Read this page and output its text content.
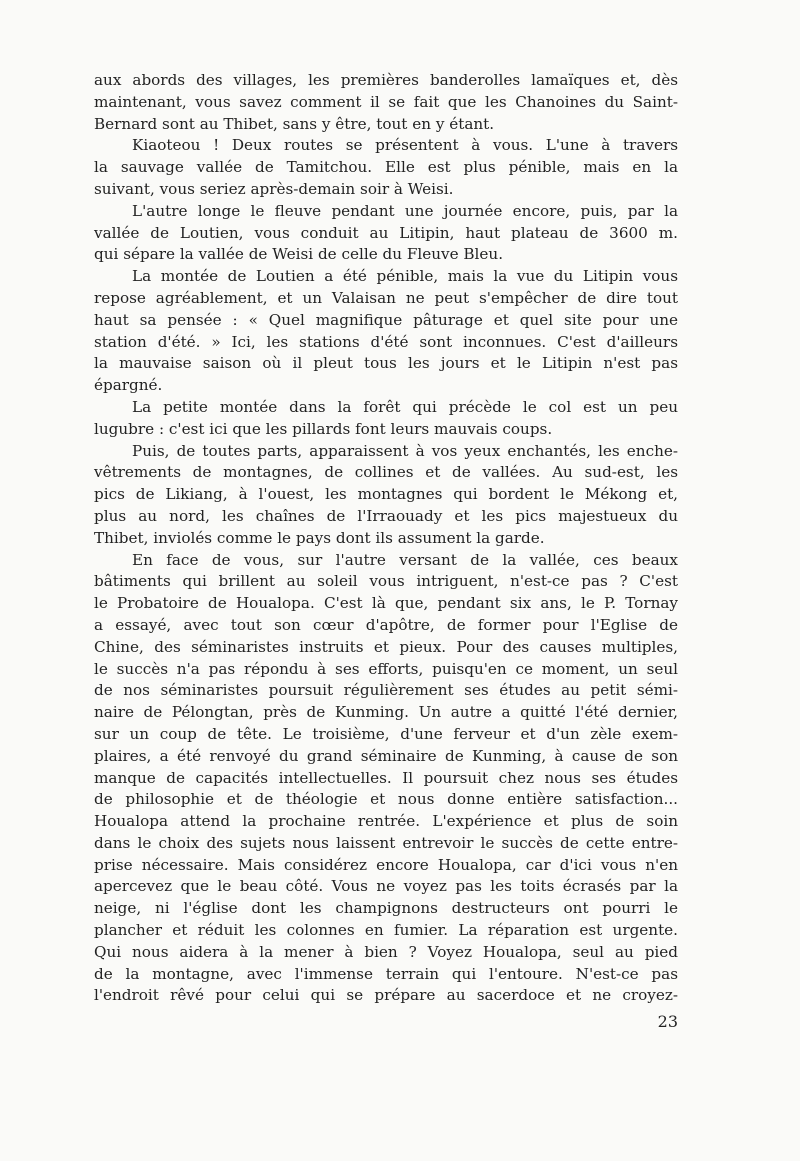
aux abords des villages, les premières banderolles lamaïques et, dès
maintenant, vous savez comment il se fait que les Chanoines du Saint-
Bernard sont au Thibet, sans y être, tout en y étant.

Kiaoteou ! Deux routes se présentent à vous. L'une à travers
la sauvage vallée de Tamitchou. Elle est plus pénible, mais en la
suivant, vous seriez après-demain soir à Weisi.

L'autre longe le fleuve pendant une journée encore, puis, par la
vallée de Loutien, vous conduit au Litipin, haut plateau de 3600 m.
qui sépare la vallée de Weisi de celle du Fleuve Bleu.

La montée de Loutien a été pénible, mais la vue du Litipin vous
repose agréablement, et un Valaisan ne peut s'empêcher de dire tout
haut sa pensée : « Quel magnifique pâturage et quel site pour une
station d'été. » Ici, les stations d'été sont inconnues. C'est d'ailleurs
la mauvaise saison où il pleut tous les jours et le Litipin n'est pas
épargné.

La petite montée dans la forêt qui précède le col est un peu
lugubre : c'est ici que les pillards font leurs mauvais coups.

Puis, de toutes parts, apparaissent à vos yeux enchantés, les enche-
vêtrements de montagnes, de collines et de vallées. Au sud-est, les
pics de Likiang, à l'ouest, les montagnes qui bordent le Mékong et,
plus au nord, les chaînes de l'Irraouady et les pics majestueux du
Thibet, inviolés comme le pays dont ils assument la garde.

En face de vous, sur l'autre versant de la vallée, ces beaux
bâtiments qui brillent au soleil vous intriguent, n'est-ce pas ? C'est
le Probatoire de Houalopa. C'est là que, pendant six ans, le P. Tornay
a essayé, avec tout son cœur d'apôtre, de former pour l'Eglise de
Chine, des séminaristes instruits et pieux. Pour des causes multiples,
le succès n'a pas répondu à ses efforts, puisqu'en ce moment, un seul
de nos séminaristes poursuit régulièrement ses études au petit sémi-
naire de Pélongtan, près de Kunming. Un autre a quitté l'été dernier,
sur un coup de tête. Le troisième, d'une ferveur et d'un zèle exem-
plaires, a été renvoyé du grand séminaire de Kunming, à cause de son
manque de capacités intellectuelles. Il poursuit chez nous ses études
de philosophie et de théologie et nous donne entière satisfaction...
Houalopa attend la prochaine rentrée. L'expérience et plus de soin
dans le choix des sujets nous laissent entrevoir le succès de cette entre-
prise nécessaire. Mais considérez encore Houalopa, car d'ici vous n'en
apercevez que le beau côté. Vous ne voyez pas les toits écrasés par la
neige, ni l'église dont les champignons destructeurs ont pourri le
plancher et réduit les colonnes en fumier. La réparation est urgente.
Qui nous aidera à la mener à bien ? Voyez Houalopa, seul au pied
de la montagne, avec l'immense terrain qui l'entoure. N'est-ce pas
l'endroit rêvé pour celui qui se prépare au sacerdoce et ne croyez-

23
